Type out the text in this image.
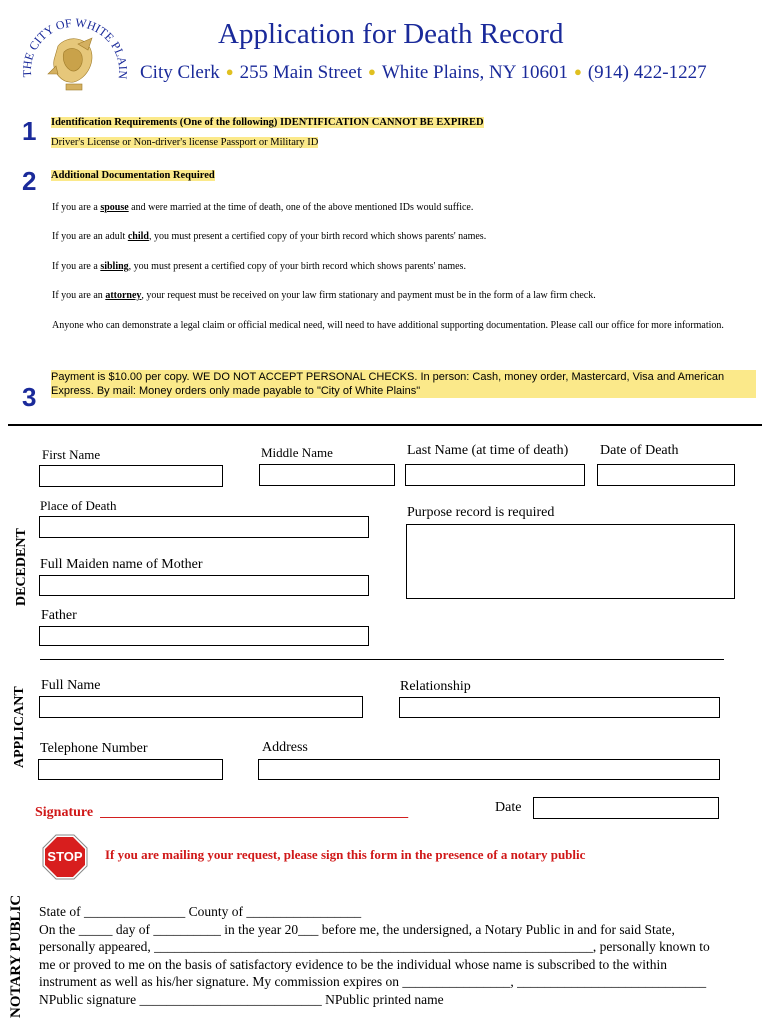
THE CITY OF WHITE PLAIN
Application for Death Record
City Clerk ● 255 Main Street ● White Plains, NY 10601 ● (914) 422-1227
1 Identification Requirements (One of the following) IDENTIFICATION CANNOT BE EXPIRED
Driver's License or Non-driver's license Passport or Military ID
2 Additional Documentation Required
If you are a spouse and were married at the time of death, one of the above mentioned IDs would suffice.
If you are an adult child, you must present a certified copy of your birth record which shows parents' names.
If you are a sibling, you must present a certified copy of your birth record which shows parents' names.
If you are an attorney, your request must be received on your law firm stationary and payment must be in the form of a law firm check.
Anyone who can demonstrate a legal claim or official medical need, will need to have additional supporting documentation. Please call our office for more information.
3
Payment is $10.00 per copy. WE DO NOT ACCEPT PERSONAL CHECKS. In person: Cash, money order, Mastercard, Visa and American Express. By mail: Money orders only made payable to "City of White Plains"
DECEDENT
First Name	Middle Name	Last Name (at time of death) Date of Death
Place of Death	Purpose record is required
Full Maiden name of Mother
Father
APPLICANT
Full Name	Relationship
Telephone Number	Address
Signature ____________________________________________	Date
STOP If you are mailing your request, please sign this form in the presence of a notary public
NOTARY PUBLIC State of _______________ County of _________________
On the _____ day of __________ in the year 20___ before me, the undersigned, a Notary Public in and for said State,
personally appeared, _________________________________________________________________, personally known to
me or proved to me on the basis of satisfactory evidence to be the individual whose name is subscribed to the within
instrument as well as his/her signature. My commission expires on ________________, ____________________________
NPublic signature ___________________________ NPublic printed name
